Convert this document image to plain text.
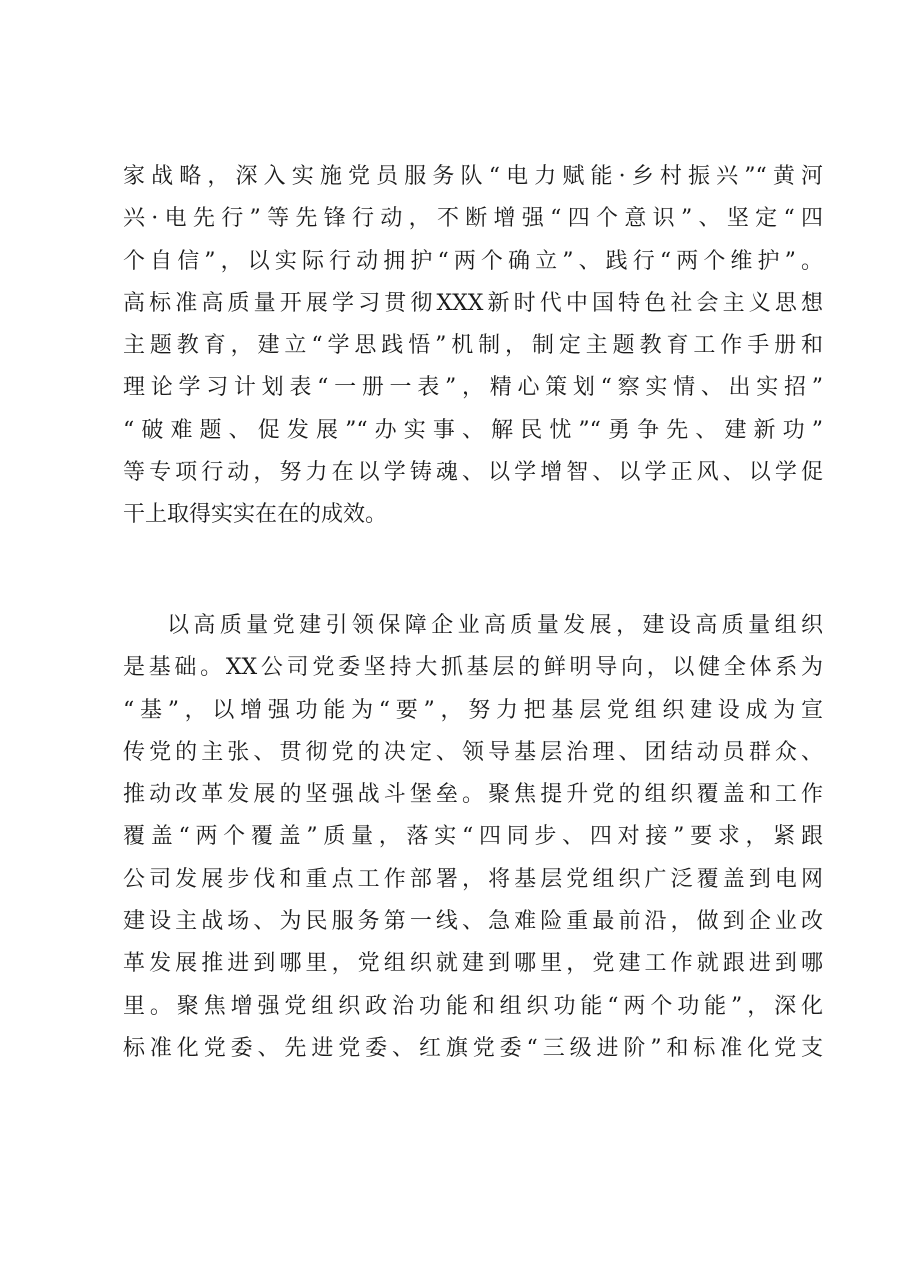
家战略，深入实施党员服务队“电力赋能·乡村振兴”“黄河
兴·电先行”等先锋行动，不断增强“四个意识”、坚定“四
个自信”，以实际行动拥护“两个确立”、践行“两个维护”。
高标准高质量开展学习贯彻XXX新时代中国特色社会主义思想
主题教育，建立“学思践悟”机制，制定主题教育工作手册和
理论学习计划表“一册一表”，精心策划“察实情、出实招”
“破难题、促发展”“办实事、解民忧”“勇争先、建新功”
等专项行动，努力在以学铸魂、以学增智、以学正风、以学促
干上取得实实在在的成效。
以高质量党建引领保障企业高质量发展，建设高质量组织
是基础。XX公司党委坚持大抓基层的鲜明导向，以健全体系为
“基”，以增强功能为“要”，努力把基层党组织建设成为宣
传党的主张、贯彻党的决定、领导基层治理、团结动员群众、
推动改革发展的坚强战斗堡垒。聚焦提升党的组织覆盖和工作
覆盖“两个覆盖”质量，落实“四同步、四对接”要求，紧跟
公司发展步伐和重点工作部署，将基层党组织广泛覆盖到电网
建设主战场、为民服务第一线、急难险重最前沿，做到企业改
革发展推进到哪里，党组织就建到哪里，党建工作就跟进到哪
里。聚焦增强党组织政治功能和组织功能“两个功能”，深化
标准化党委、先进党委、红旗党委“三级进阶”和标准化党支
